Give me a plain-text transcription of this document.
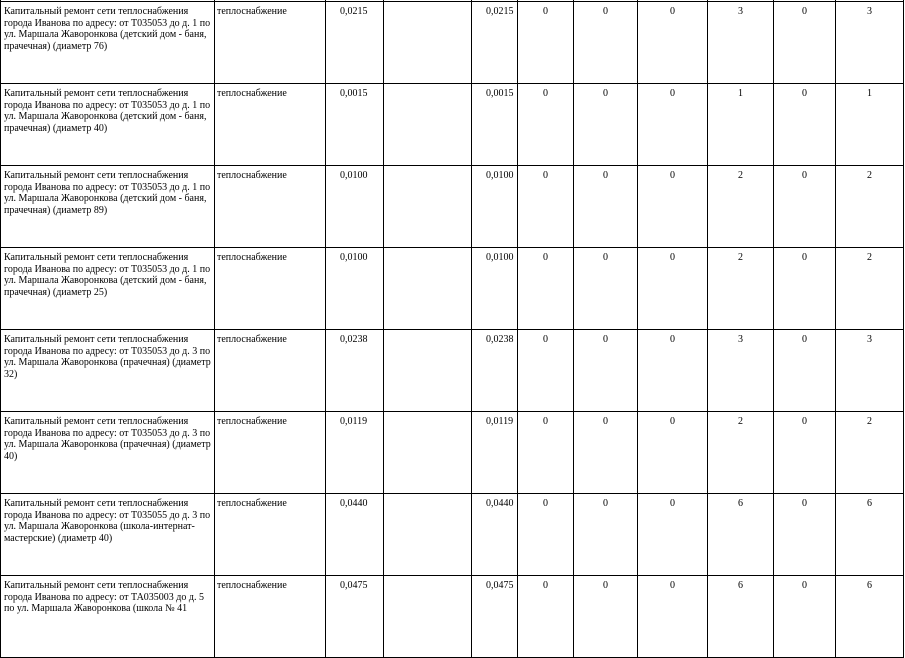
Капитальный ремонт сети теплоснабжения города Иванова по адресу: от Т035053 до д. 1 по ул. Маршала Жаворонкова (детский дом - баня, прачечная) (диаметр 76)	теплоснабжение	0,0215		0,0215	0	0	0	3	0	3
Капитальный ремонт сети теплоснабжения города Иванова по адресу: от Т035053 до д. 1 по ул. Маршала Жаворонкова (детский дом - баня, прачечная) (диаметр 40)	теплоснабжение	0,0015		0,0015	0	0	0	1	0	1
Капитальный ремонт сети теплоснабжения города Иванова по адресу: от Т035053 до д. 1 по ул. Маршала Жаворонкова (детский дом - баня, прачечная) (диаметр 89)	теплоснабжение	0,0100		0,0100	0	0	0	2	0	2
Капитальный ремонт сети теплоснабжения города Иванова по адресу: от Т035053 до д. 1 по ул. Маршала Жаворонкова (детский дом - баня, прачечная) (диаметр 25)	теплоснабжение	0,0100		0,0100	0	0	0	2	0	2
Капитальный ремонт сети теплоснабжения города Иванова по адресу: от Т035053 до д. 3 по ул. Маршала Жаворонкова (прачечная) (диаметр 32)	теплоснабжение	0,0238		0,0238	0	0	0	3	0	3
Капитальный ремонт сети теплоснабжения города Иванова по адресу: от Т035053 до д. 3 по ул. Маршала Жаворонкова (прачечная) (диаметр 40)	теплоснабжение	0,0119		0,0119	0	0	0	2	0	2
Капитальный ремонт сети теплоснабжения города Иванова по адресу: от Т035055 до д. 3 по ул. Маршала Жаворонкова (школа-интернат-мастерские) (диаметр 40)	теплоснабжение	0,0440		0,0440	0	0	0	6	0	6
Капитальный ремонт сети теплоснабжения города Иванова по адресу: от ТА035003 до д. 5 по ул. Маршала Жаворонкова (школа № 41	теплоснабжение	0,0475		0,0475	0	0	0	6	0	6
